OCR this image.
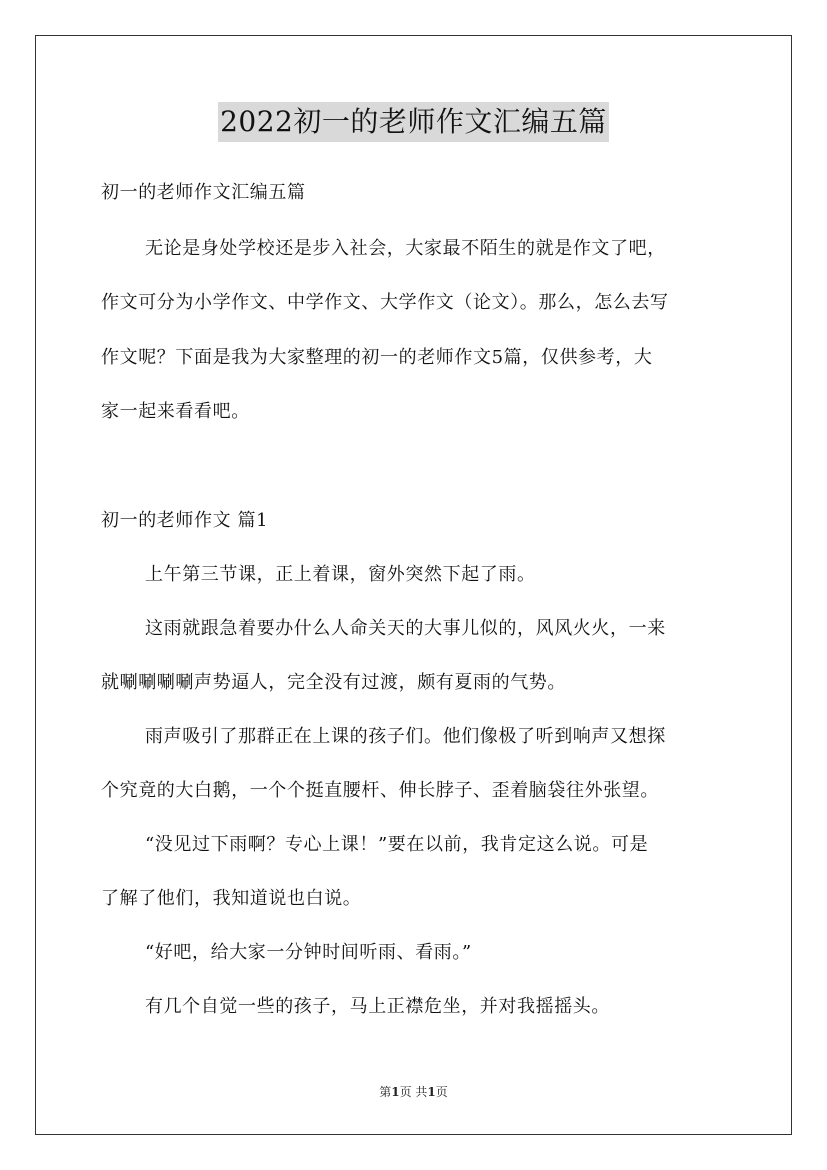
2022初一的老师作文汇编五篇
初一的老师作文汇编五篇
无论是身处学校还是步入社会，大家最不陌生的就是作文了吧，
作文可分为小学作文、中学作文、大学作文（论文）。那么，怎么去写
作文呢？下面是我为大家整理的初一的老师作文5篇，仅供参考，大
家一起来看看吧。
初一的老师作文 篇1
上午第三节课，正上着课，窗外突然下起了雨。
这雨就跟急着要办什么人命关天的大事儿似的，风风火火，一来
就唰唰唰唰声势逼人，完全没有过渡，颇有夏雨的气势。
雨声吸引了那群正在上课的孩子们。他们像极了听到响声又想探
个究竟的大白鹅，一个个挺直腰杆、伸长脖子、歪着脑袋往外张望。
“没见过下雨啊？专心上课！”要在以前，我肯定这么说。可是
了解了他们，我知道说也白说。
“好吧，给大家一分钟时间听雨、看雨。”
有几个自觉一些的孩子，马上正襟危坐，并对我摇摇头。
第1页 共1页
